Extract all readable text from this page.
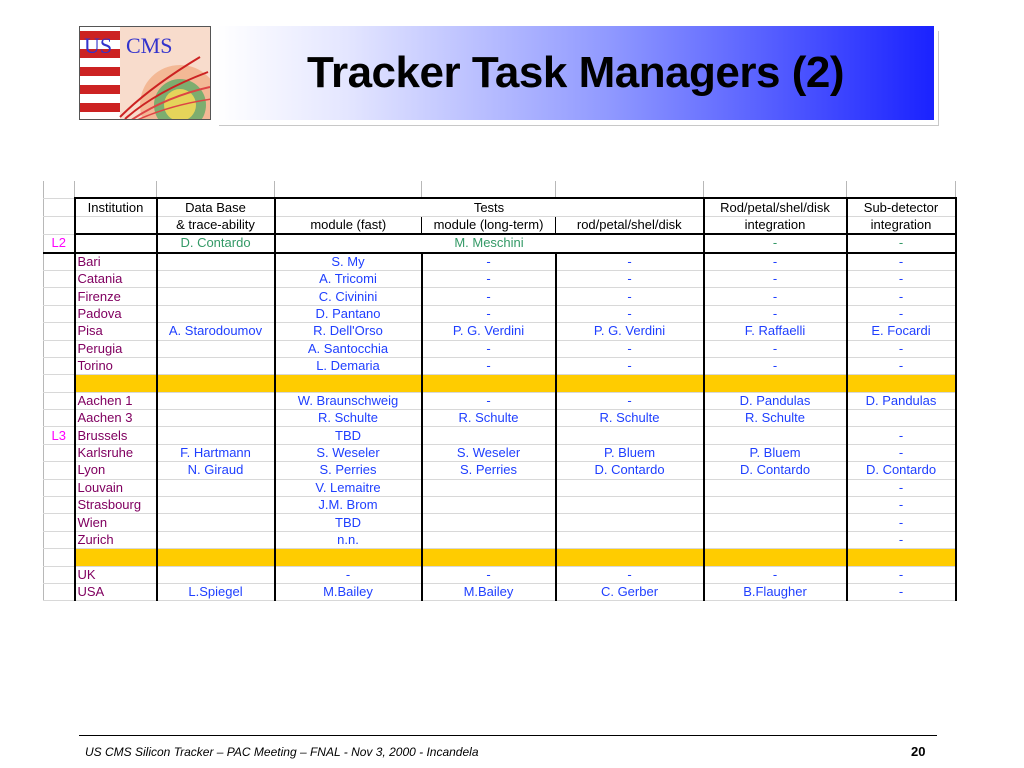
US CMS
Tracker Task Managers (2)

	Institution	Data Base	Tests			Rod/petal/shel/disk	Sub-detector
		& trace-ability	module (fast)	module (long-term)	rod/petal/shel/disk	integration	integration
L2		D. Contardo	M. Meschini			-	-
	Bari		S. My	-	-	-	-
	Catania		A. Tricomi	-	-	-	-
	Firenze		C. Civinini	-	-	-	-
	Padova		D. Pantano	-	-	-	-
	Pisa	A. Starodoumov	R. Dell'Orso	P. G. Verdini	P. G. Verdini	F. Raffaelli	E. Focardi
	Perugia		A. Santocchia	-	-	-	-
	Torino		L. Demaria	-	-	-	-

	Aachen 1		W. Braunschweig	-	-	D. Pandulas	D. Pandulas
	Aachen 3		R. Schulte	R. Schulte	R. Schulte	R. Schulte	
L3	Brussels		TBD				-
	Karlsruhe	F. Hartmann	S. Weseler	S. Weseler	P. Bluem	P. Bluem	-
	Lyon	N. Giraud	S. Perries	S. Perries	D. Contardo	D. Contardo	D. Contardo
	Louvain		V. Lemaitre				-
	Strasbourg		J.M. Brom				-
	Wien		TBD				-
	Zurich		n.n.				-

	UK		-	-	-	-	-
	USA	L.Spiegel	M.Bailey	M.Bailey	C. Gerber	B.Flaugher	-
US CMS Silicon Tracker – PAC Meeting – FNAL - Nov 3, 2000 - Incandela	20
